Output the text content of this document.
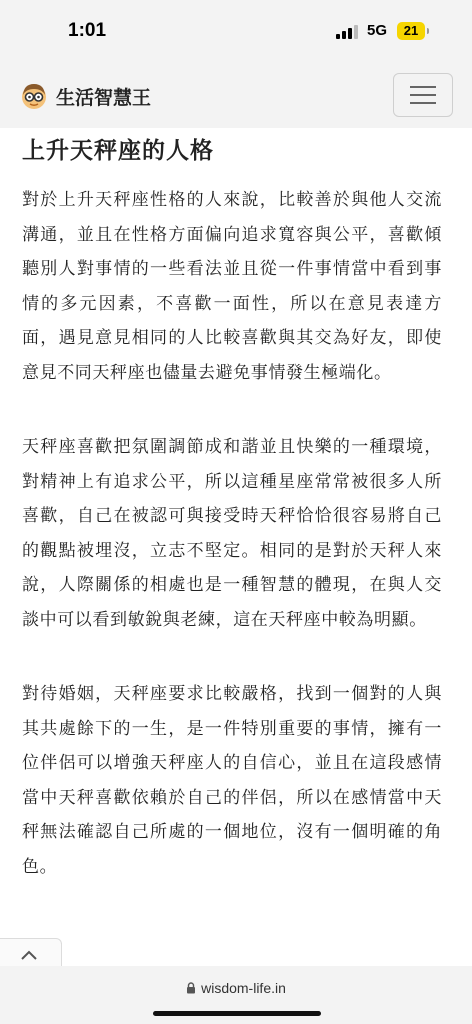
上升天秤座的人格

對於上升天秤座性格的人來說，比較善於與他人交流溝通，並且在性格方面偏向追求寬容與公平，喜歡傾聽別人對事情的一些看法並且從一件事情當中看到事情的多元因素，不喜歡一面性，所以在意見表達方面，遇見意見相同的人比較喜歡與其交為好友，即使意見不同天秤座也儘量去避免事情發生極端化。

天秤座喜歡把氛圍調節成和諧並且快樂的一種環境，對精神上有追求公平，所以這種星座常常被很多人所喜歡，自己在被認可與接受時天秤恰恰很容易將自己的觀點被埋沒，立志不堅定。相同的是對於天秤人來說，人際關係的相處也是一種智慧的體現，在與人交談中可以看到敏銳與老練，這在天秤座中較為明顯。

對待婚姻，天秤座要求比較嚴格，找到一個對的人與其共處餘下的一生，是一件特別重要的事情，擁有一位伴侶可以增強天秤座人的自信心，並且在這段感情當中天秤喜歡依賴於自己的伴侶，所以在感情當中天秤無法確認自己所處的一個地位，沒有一個明確的角色。

1:01	5G	21
生活智慧王
wisdom-life.in
